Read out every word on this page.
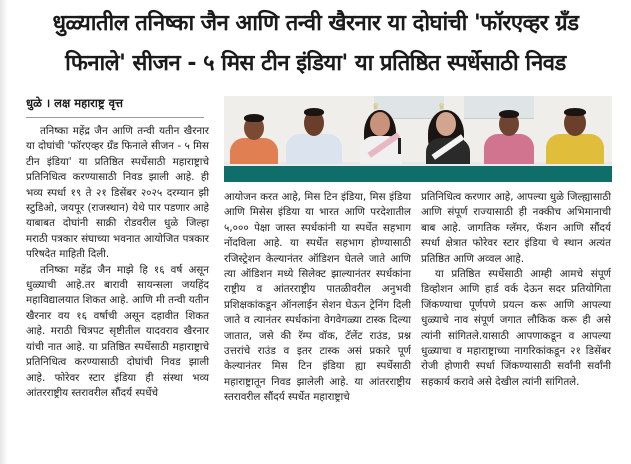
धुळ्यातील तनिष्का जैन आणि तन्वी खैरनार या दोघांची 'फॉरएव्हर ग्रँड
फिनाले' सीजन - ५ मिस टीन इंडिया' या प्रतिष्ठित स्पर्धेसाठी निवड
धुळे । लक्ष महाराष्ट्र वृत्त

तनिष्का महेंद्र जैन आणि तन्वी यतीन खैरनार या दोघांची 'फॉरएव्हर ग्रँड फिनाले सीजन - ५ मिस टीन इंडिया' या प्रतिष्ठित स्पर्धेसाठी महाराष्ट्राचे प्रतिनिधित्व करण्यासाठी निवड झाली आहे. ही भव्य स्पर्धा १९ ते २१ डिसेंबर २०२५ दरम्यान झी स्टुडिओ, जयपूर (राजस्थान) येथे पार पडणार आहे याबाबत दोघांनी साक्री रोडवरील धुळे जिल्हा मराठी पत्रकार संघाच्या भवनात आयोजित पत्रकार परिषदेत माहिती दिली.

तनिष्का महेंद्र जैन माझे हि १६ वर्ष असून धुळ्याची आहे.तर बारावी सायन्सला जयहिंद महाविद्यालयात शिकत आहे. आणि मी तन्वी यतीन खैरनार वय १६ वर्षाची असून दहावीत शिकत आहे. मराठी चित्रपट सृष्टीतील यादवराव खैरनार यांची नात आहे. या प्रतिष्ठित स्पर्धेसाठी महाराष्ट्राचे प्रतिनिधित्व करण्यासाठी दोघांची निवड झाली आहे. फोरेवर स्टार इंडिया ही संस्था भव्य आंतरराष्ट्रीय स्तरावरील सौंदर्य स्पर्धेचे

♛	♛

आयोजन करत आहे, मिस टिन इंडिया, मिस इंडिया आणि मिसेस इंडिया या भारत आणि परदेशातील ५,००० पेक्षा जास्त स्पर्धकांनी या स्पर्धेत सहभाग नोंदविला आहे. या स्पर्धेत सहभाग होण्यासाठी रजिस्ट्रेशन केल्यानंतर ऑडिशन घेतले जाते आणि त्या ऑडिशन मध्ये सिलेक्ट झाल्यानंतर स्पर्धकांना राष्ट्रीय व आंतरराष्ट्रीय पातळीवरील अनुभवी प्रशिक्षकांकडून ऑनलाईन सेशन घेऊन ट्रेनिंग दिली जाते व त्यानंतर स्पर्धकांना वेगवेगळ्या टास्क दिल्या जातात, जसे की रॅम्प वॉक, टॅलेंट राउंड, प्रश्न उत्तरांचे राउंड व इतर टास्क असं प्रकारे पूर्ण केल्यानंतर मिस टिन इंडिया ह्या स्पर्धेसाठी महाराष्ट्रातून निवड झालेली आहे. या आंतरराष्ट्रीय स्तरावरील सौंदर्य स्पर्धेत महाराष्ट्राचे

प्रतिनिधित्व करणार आहे, आपल्या धुळे जिल्ह्यासाठी आणि संपूर्ण राज्यासाठी ही नक्कीच अभिमानाची बाब आहे. जागतिक ग्लॅमर, फॅशन आणि सौंदर्य स्पर्धा क्षेत्रात फोरेवर स्टार इंडिया चे स्थान अत्यंत प्रतिष्ठित आणि अव्वल आहे.

या प्रतिष्ठित स्पर्धेसाठी आम्ही आमचे संपूर्ण डिव्होशन आणि हार्ड वर्क देऊन सदर प्रतियोगिता जिंकण्याचा पूर्णपणे प्रयत्न करू आणि आपल्या धुळ्याचे नाव संपूर्ण जगात लौकिक करू ही असे त्यांनी सांगितले.यासाठी आपणाकडून व आपल्या धुळ्याचा व महाराष्ट्राच्या नागरिकांकडून २१ डिसेंबर रोजी होणारी स्पर्धा जिंकण्यासाठी सर्वांनी सर्वांनी सहकार्य करावे असे देखील त्यांनी सांगितले.
